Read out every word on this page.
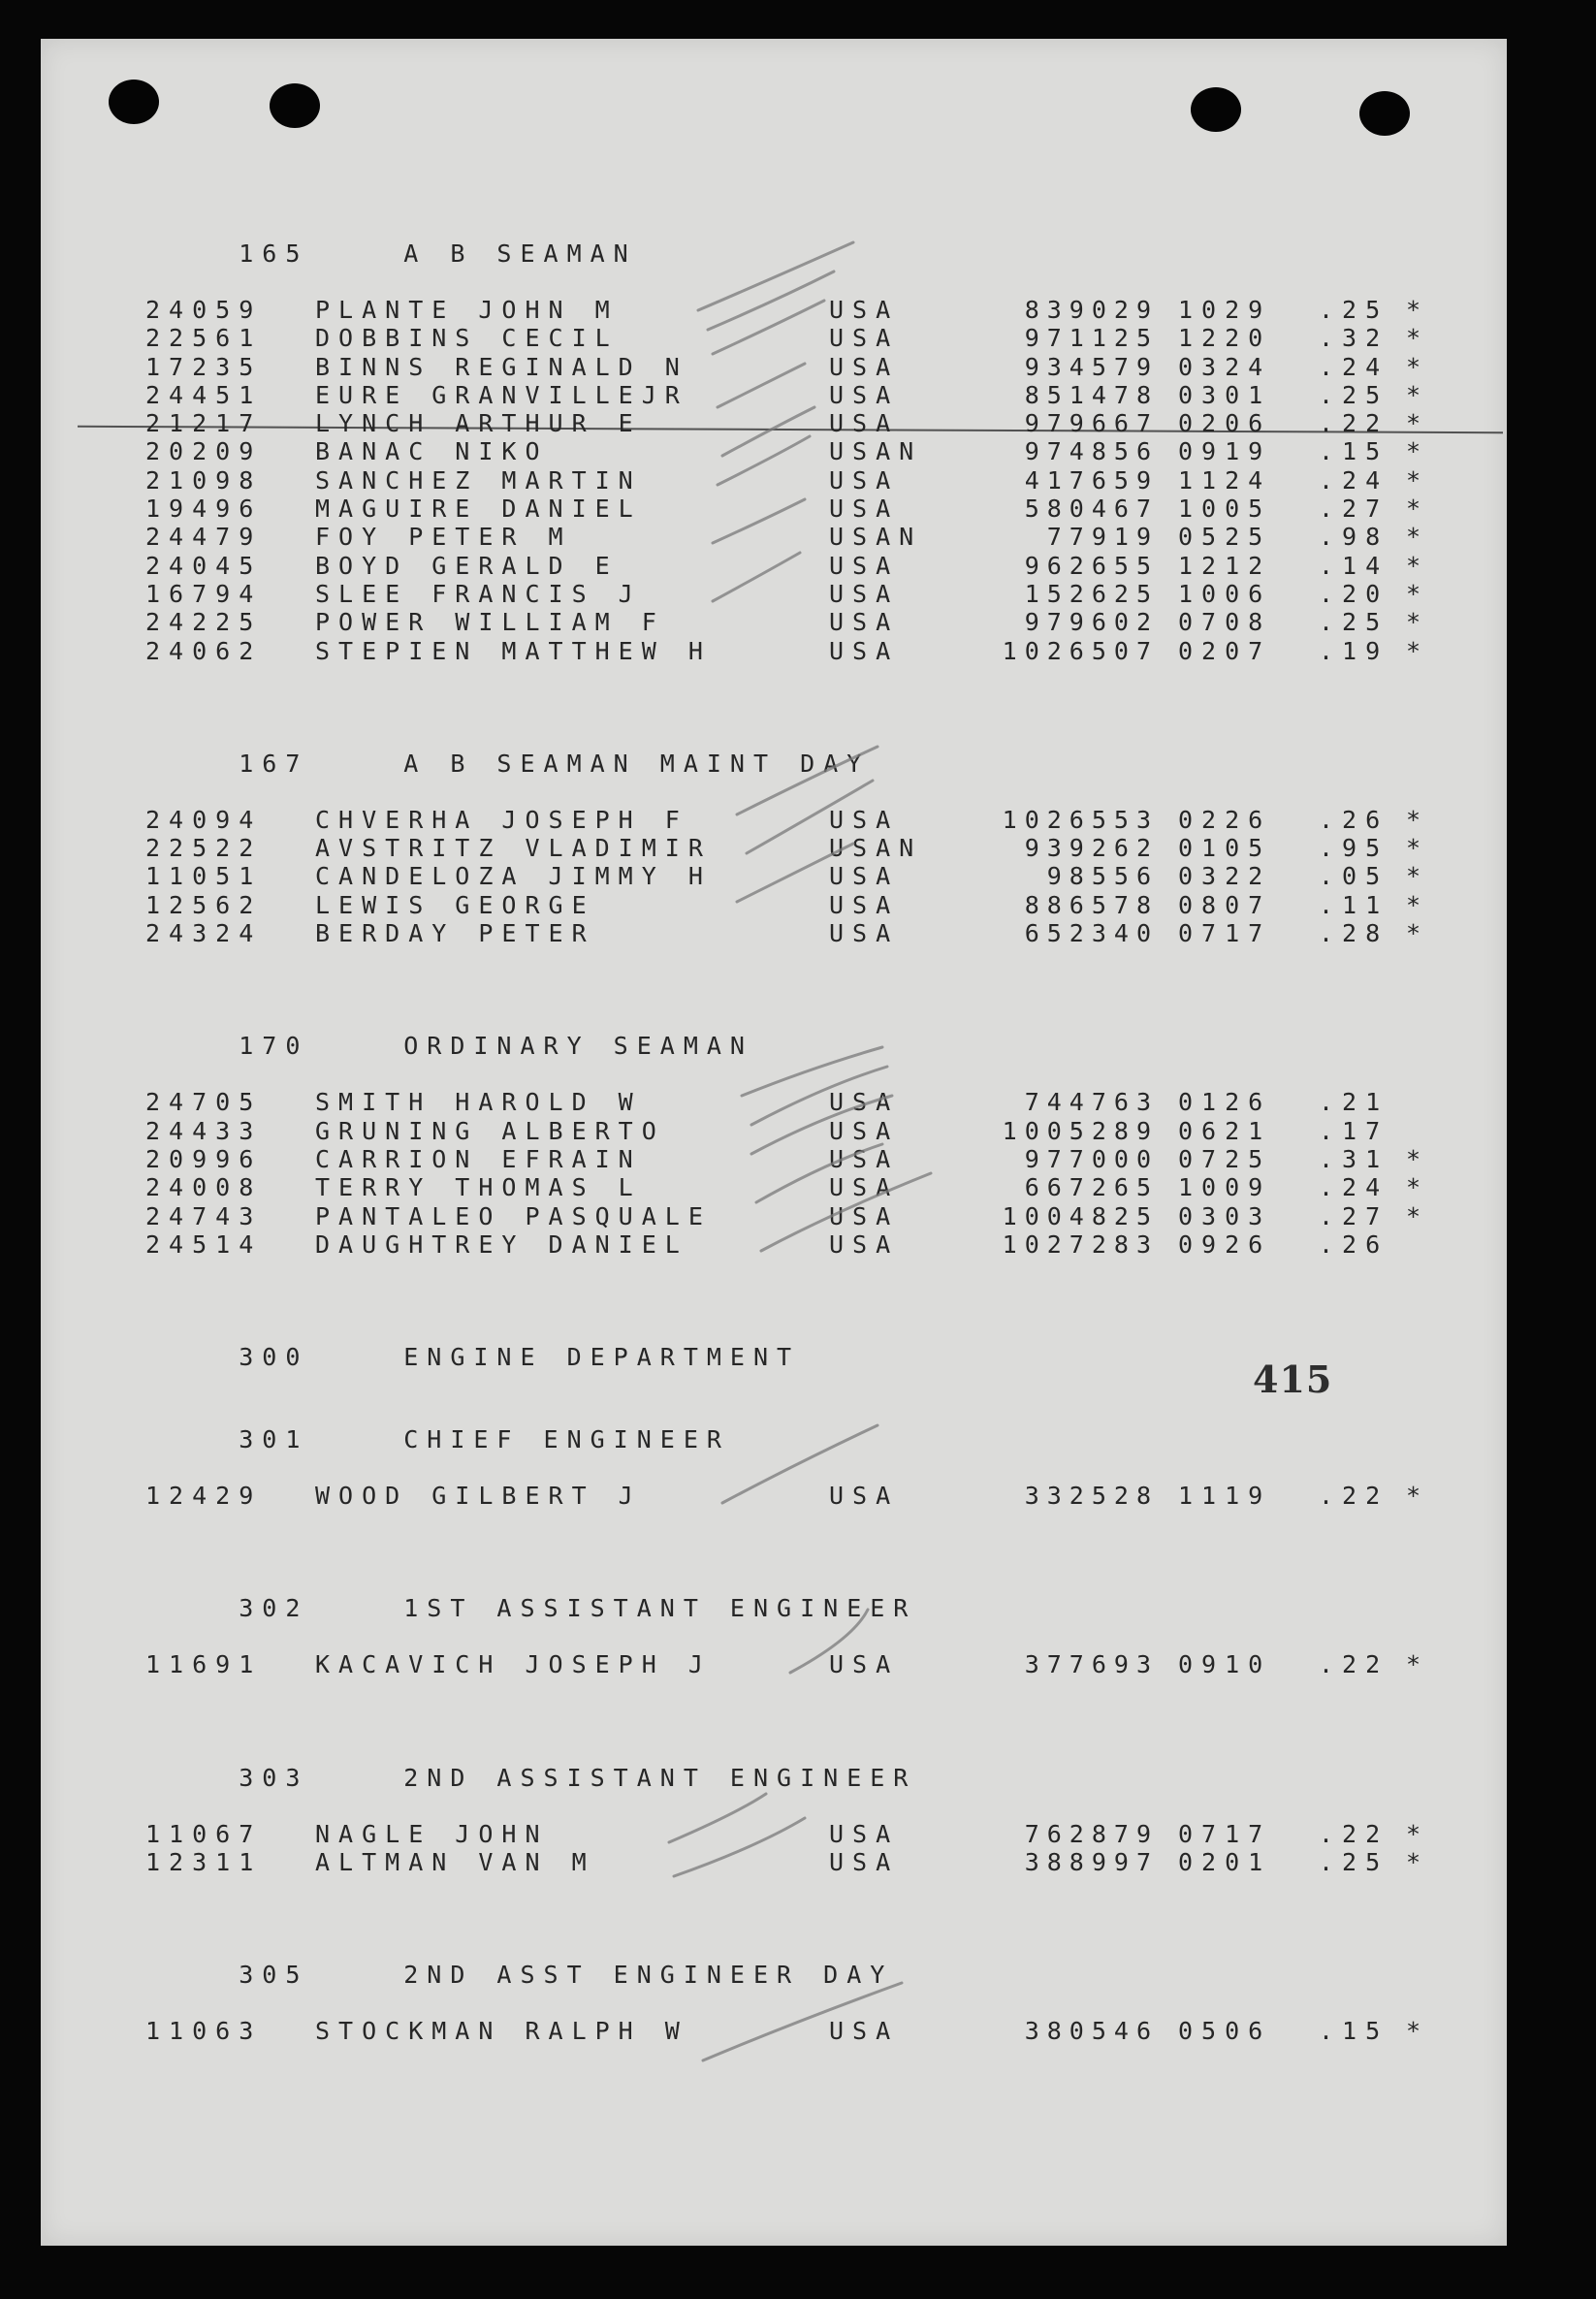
415

165	A B SEAMAN

24059 PLANTE JOHN M	USA	839029 1029 .25 *
22561 DOBBINS CECIL	USA	971125 1220 .32 *
17235 BINNS REGINALD N	USA	934579 0324 .24 *
24451 EURE GRANVILLEJR	USA	851478 0301 .25 *
21217 LYNCH ARTHUR E	USA	979667 0206 .22 *
20209 BANAC NIKO	USAN	974856 0919 .15 *
21098 SANCHEZ MARTIN	USA	417659 1124 .24 *
19496 MAGUIRE DANIEL	USA	580467 1005 .27 *
24479 FOY PETER M	USAN	77919 0525 .98 *
24045 BOYD GERALD E	USA	962655 1212 .14 *
16794 SLEE FRANCIS J	USA	152625 1006 .20 *
24225 POWER WILLIAM F	USA	979602 0708 .25 *
24062 STEPIEN MATTHEW H	USA	1026507 0207 .19 *

167	A B SEAMAN MAINT DAY

24094 CHVERHA JOSEPH F	USA	1026553 0226 .26 *
22522 AVSTRITZ VLADIMIR	USAN	939262 0105 .95 *
11051 CANDELOZA JIMMY H	USA	98556 0322 .05 *
12562 LEWIS GEORGE	USA	886578 0807 .11 *
24324 BERDAY PETER	USA	652340 0717 .28 *

170	ORDINARY SEAMAN

24705 SMITH HAROLD W	USA	744763 0126 .21
24433 GRUNING ALBERTO	USA	1005289 0621 .17
20996 CARRION EFRAIN	USA	977000 0725 .31 *
24008 TERRY THOMAS L	USA	667265 1009 .24 *
24743 PANTALEO PASQUALE	USA	1004825 0303 .27 *
24514 DAUGHTREY DANIEL	USA	1027283 0926 .26

300	ENGINE DEPARTMENT

301	CHIEF ENGINEER

12429 WOOD GILBERT J	USA	332528 1119 .22 *

302	1ST ASSISTANT ENGINEER

11691 KACAVICH JOSEPH J	USA	377693 0910 .22 *

303	2ND ASSISTANT ENGINEER

11067 NAGLE JOHN	USA	762879 0717 .22 *
12311 ALTMAN VAN M	USA	388997 0201 .25 *

305	2ND ASST ENGINEER DAY

11063 STOCKMAN RALPH W	USA	380546 0506 .15 *
